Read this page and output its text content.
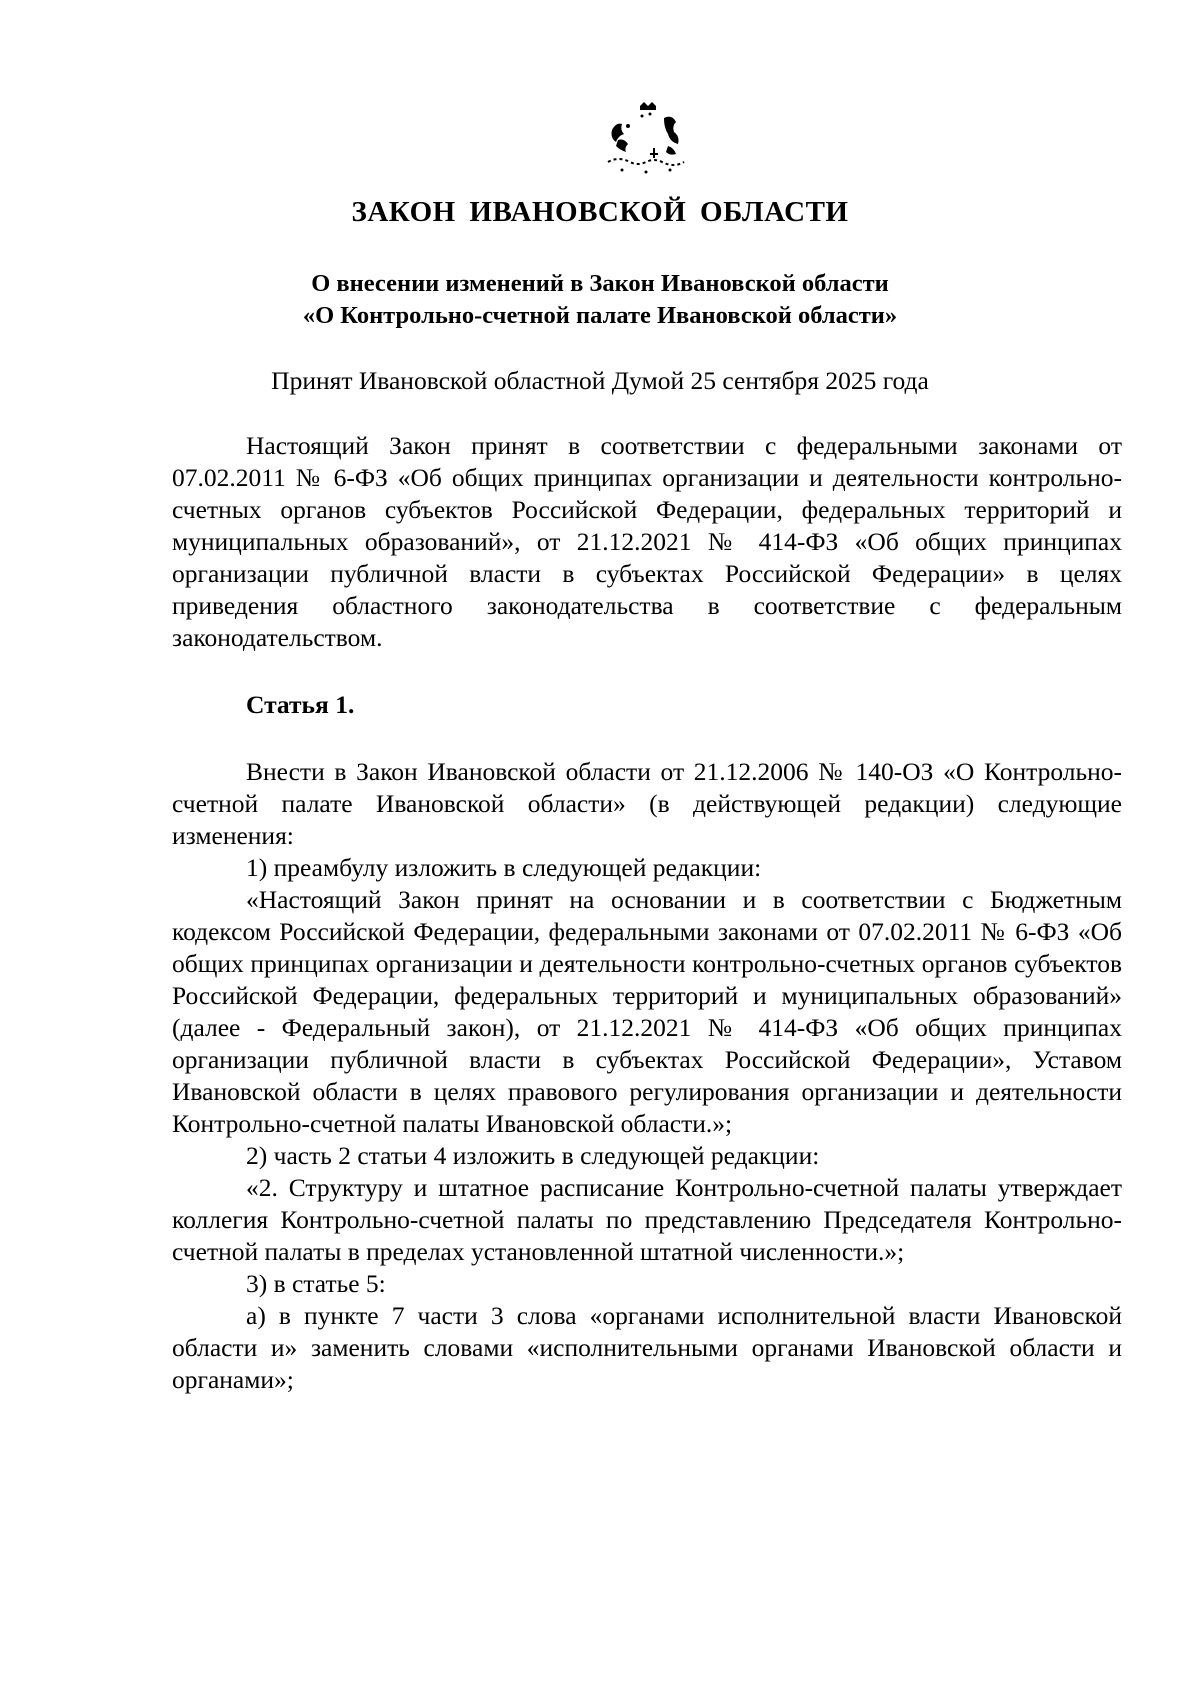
ЗАКОН ИВАНОВСКОЙ ОБЛАСТИ
О внесении изменений в Закон Ивановской области
«О Контрольно-счетной палате Ивановской области»

Принят Ивановской областной Думой 25 сентября 2025 года

Настоящий Закон принят в соответствии с федеральными законами от 07.02.2011 № 6-ФЗ «Об общих принципах организации и деятельности контрольно-счетных органов субъектов Российской Федерации, федеральных территорий и муниципальных образований», от 21.12.2021 № 414-ФЗ «Об общих принципах организации публичной власти в субъектах Российской Федерации» в целях приведения областного законодательства в соответствие с федеральным законодательством.

Статья 1.

Внести в Закон Ивановской области от 21.12.2006 № 140-ОЗ «О Контрольно-счетной палате Ивановской области» (в действующей редакции) следующие изменения:

1) преамбулу изложить в следующей редакции:

«Настоящий Закон принят на основании и в соответствии с Бюджетным кодексом Российской Федерации, федеральными законами от 07.02.2011 № 6-ФЗ «Об общих принципах организации и деятельности контрольно-счетных органов субъектов Российской Федерации, федеральных территорий и муниципальных образований» (далее - Федеральный закон), от 21.12.2021 № 414-ФЗ «Об общих принципах организации публичной власти в субъектах Российской Федерации», Уставом Ивановской области в целях правового регулирования организации и деятельности Контрольно-счетной палаты Ивановской области.»;

2) часть 2 статьи 4 изложить в следующей редакции:

«2. Структуру и штатное расписание Контрольно-счетной палаты утверждает коллегия Контрольно-счетной палаты по представлению Председателя Контрольно-счетной палаты в пределах установленной штатной численности.»;

3) в статье 5:

а) в пункте 7 части 3 слова «органами исполнительной власти Ивановской области и» заменить словами «исполнительными органами Ивановской области и органами»;
